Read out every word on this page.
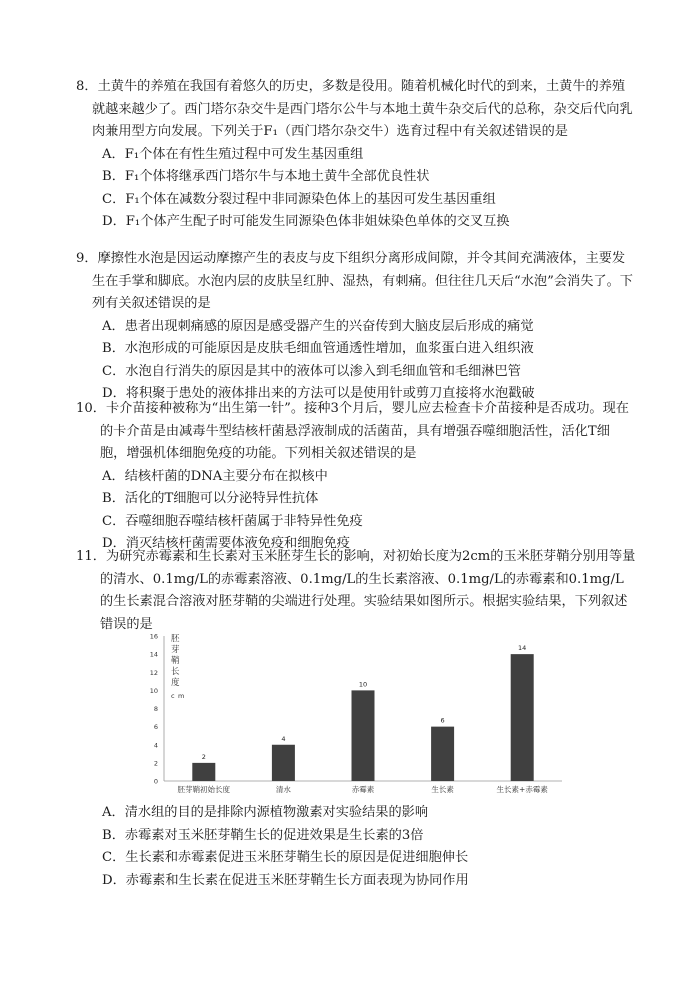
8．土黄牛的养殖在我国有着悠久的历史，多数是役用。随着机械化时代的到来，土黄牛的养殖就越来越少了。西门塔尔杂交牛是西门塔尔公牛与本地土黄牛杂交后代的总称，杂交后代向乳肉兼用型方向发展。下列关于F₁（西门塔尔杂交牛）选育过程中有关叙述错误的是

A．F₁个体在有性生殖过程中可发生基因重组

B．F₁个体将继承西门塔尔牛与本地土黄牛全部优良性状

C．F₁个体在减数分裂过程中非同源染色体上的基因可发生基因重组

D．F₁个体产生配子时可能发生同源染色体非姐妹染色单体的交叉互换

9．摩擦性水泡是因运动摩擦产生的表皮与皮下组织分离形成间隙，并令其间充满液体，主要发生在手掌和脚底。水泡内层的皮肤呈红肿、湿热，有刺痛。但往往几天后“水泡”会消失了。下列有关叙述错误的是

A．患者出现刺痛感的原因是感受器产生的兴奋传到大脑皮层后形成的痛觉

B．水泡形成的可能原因是皮肤毛细血管通透性增加，血浆蛋白进入组织液

C．水泡自行消失的原因是其中的液体可以渗入到毛细血管和毛细淋巴管

D．将积聚于患处的液体排出来的方法可以是使用针或剪刀直接将水泡戳破

10．卡介苗接种被称为“出生第一针”。接种3个月后，婴儿应去检查卡介苗接种是否成功。现在的卡介苗是由减毒牛型结核杆菌悬浮液制成的活菌苗，具有增强吞噬细胞活性，活化T细胞，增强机体细胞免疫的功能。下列相关叙述错误的是

A．结核杆菌的DNA主要分布在拟核中

B．活化的T细胞可以分泌特异性抗体

C．吞噬细胞吞噬结核杆菌属于非特异性免疫

D．消灭结核杆菌需要体液免疫和细胞免疫

11．为研究赤霉素和生长素对玉米胚芽生长的影响，对初始长度为2cm的玉米胚芽鞘分别用等量的清水、0.1mg/L的赤霉素溶液、0.1mg/L的生长素溶液、0.1mg/L的赤霉素和0.1mg/L的生长素混合溶液对胚芽鞘的尖端进行处理。实验结果如图所示。根据实验结果，下列叙述错误的是

0
2
4
6
8
10
12
14
16 胚芽鞘长度 c m
2
胚芽鞘初始长度
4
清水
10
赤霉素
6
生长素
14
生长素+赤霉素

A．清水组的目的是排除内源植物激素对实验结果的影响

B．赤霉素对玉米胚芽鞘生长的促进效果是生长素的3倍

C．生长素和赤霉素促进玉米胚芽鞘生长的原因是促进细胞伸长

D．赤霉素和生长素在促进玉米胚芽鞘生长方面表现为协同作用
